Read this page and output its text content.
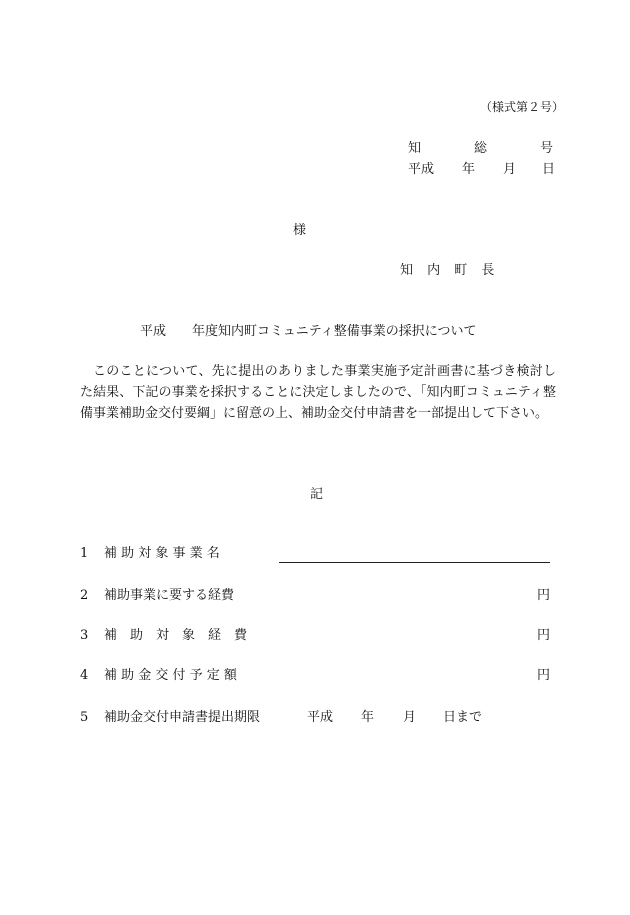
（様式第２号）
知	総	号
平成 年 月 日
様
知 内 町 長
平成　　年度知内町コミュニティ整備事業の採択について
このことについて、先に提出のありました事業実施予定計画書に基づき検討した結果、下記の事業を採択することに決定しましたので、「知内町コミュニティ整備事業補助金交付要綱」に留意の上、補助金交付申請書を一部提出して下さい。
記
1 補 助 対 象 事 業 名
2 補助事業に要する経費	円
3 補　助　対　象　経　費	円
4 補 助 金 交 付 予 定 額	円
5 補助金交付申請書提出期限	平成 年 月 日まで
